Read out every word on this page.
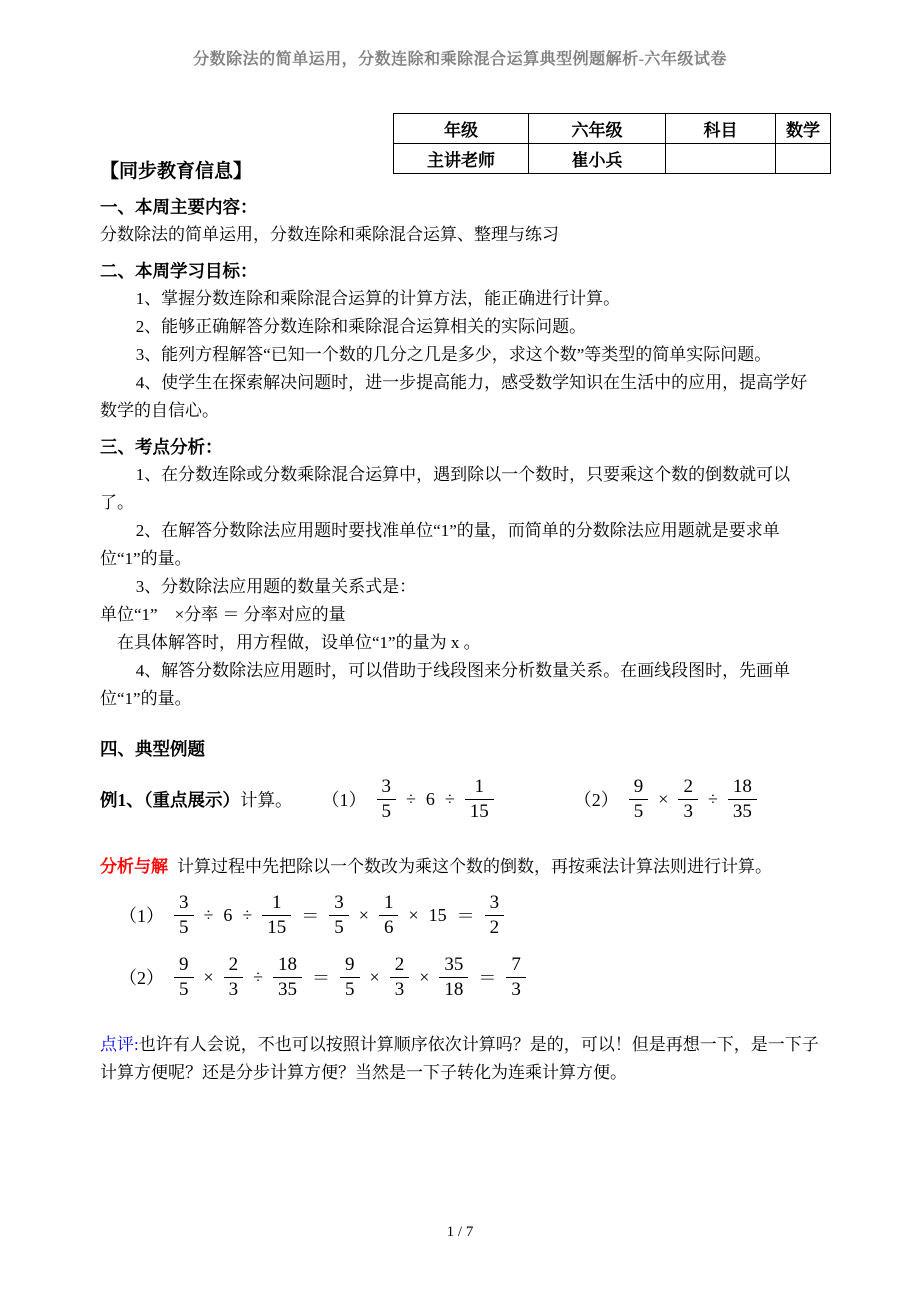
分数除法的简单运用，分数连除和乘除混合运算典型例题解析-六年级试卷
年级	六年级	科目	数学
主讲老师	崔小兵		
【同步教育信息】

一、本周主要内容：

分数除法的简单运用，分数连除和乘除混合运算、整理与练习

二、本周学习目标：

1、掌握分数连除和乘除混合运算的计算方法，能正确进行计算。

2、能够正确解答分数连除和乘除混合运算相关的实际问题。

3、能列方程解答“已知一个数的几分之几是多少，求这个数”等类型的简单实际问题。

4、使学生在探索解决问题时，进一步提高能力，感受数学知识在生活中的应用，提高学好数学的自信心。

三、考点分析：

1、在分数连除或分数乘除混合运算中，遇到除以一个数时，只要乘这个数的倒数就可以了。

2、在解答分数除法应用题时要找准单位“1”的量，而简单的分数除法应用题就是要求单位“1”的量。

3、分数除法应用题的数量关系式是：

单位“1”　×分率 ＝ 分率对应的量

在具体解答时，用方程做，设单位“1”的量为 x 。

4、解答分数除法应用题时，可以借助于线段图来分析数量关系。在画线段图时，先画单位“1”的量。

四、典型例题

例1、（重点展示） 计算。 $(1) \frac{3}{5} \div 6 \div \frac{1}{15}$	$(2) \frac{9}{5} \times \frac{2}{3} \div \frac{18}{35}$

分析与解 计算过程中先把除以一个数改为乘这个数的倒数，再按乘法计算法则进行计算。

$(1) \frac{3}{5} \div 6 \div \frac{1}{15} = \frac{3}{5} \times \frac{1}{6} \times 15 = \frac{3}{2}$
$(2) \frac{9}{5} \times \frac{2}{3} \div \frac{18}{35} = \frac{9}{5} \times \frac{2}{3} \times \frac{35}{18} = \frac{7}{3}$

点评:也许有人会说，不也可以按照计算顺序依次计算吗？是的，可以！但是再想一下，是一下子计算方便呢？还是分步计算方便？当然是一下子转化为连乘计算方便。

1 / 7
